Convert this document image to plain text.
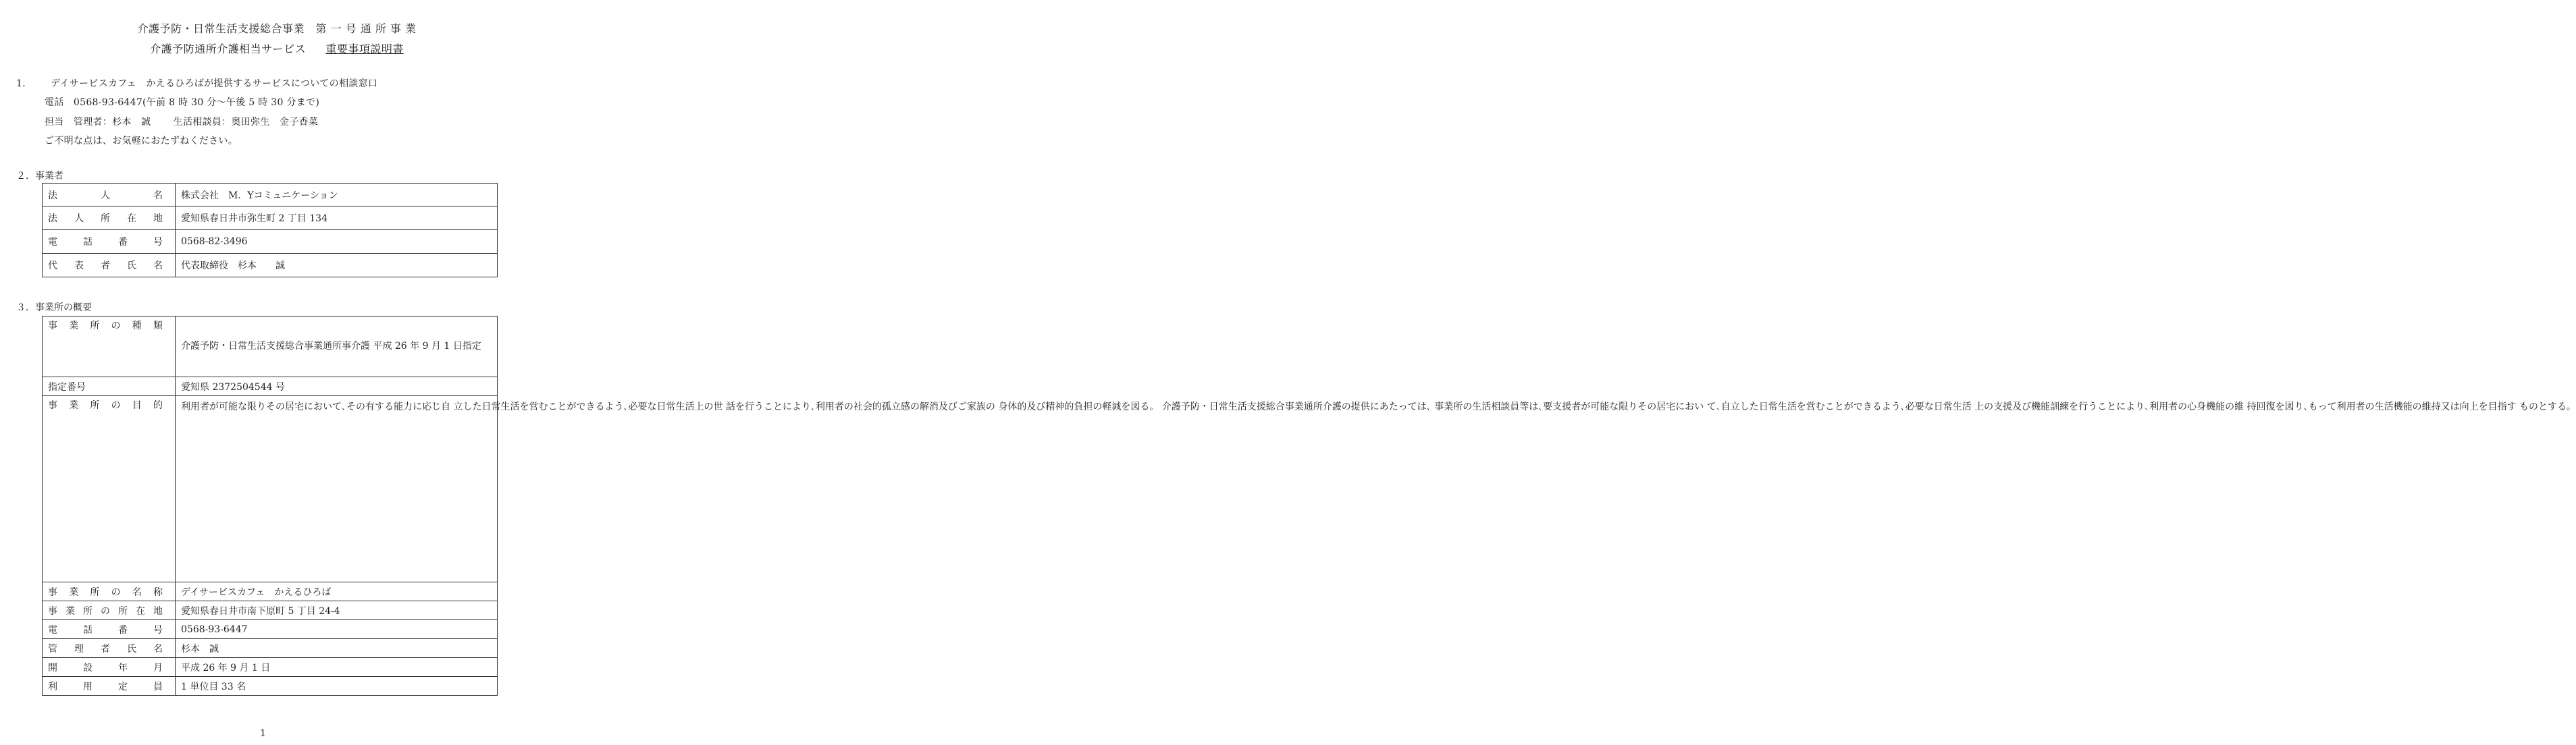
介護予防・日常生活支援総合事業　第 一 号 通 所 事 業
介護予防通所介護相当サービス 重要事項説明書
1． デイサービスカフェ　かえるひろばが提供するサービスについての相談窓口
電話　0568-93-6447(午前 8 時 30 分～午後 5 時 30 分まで)
担当　管理者：杉本　誠　　 生活相談員：奥田弥生　金子香菜
ご不明な点は、お気軽におたずねください。
２．事業者
法人名	株式会社　M．Yコミュニケーション
法人所在地	愛知県春日井市弥生町 2 丁目 134
電話番号	0568-82-3496
代表者氏名	代表取締役　杉本　　誠
３．事業所の概要
事業所の種類	介護予防・日常生活支援総合事業通所事介護 平成 26 年 9 月 1 日指定
指定番号	愛知県 2372504544 号
事業所の目的	利用者が可能な限りその居宅において､その有する能力に応じ自 立した日常生活を営むことができるよう､必要な日常生活上の世 話を行うことにより､利用者の社会的孤立感の解消及びご家族の 身体的及び精神的負担の軽減を図る。 介護予防・日常生活支援総合事業通所介護の提供にあたっては､ 事業所の生活相談員等は､要支援者が可能な限りその居宅におい て､自立した日常生活を営むことができるよう､必要な日常生活 上の支援及び機能訓練を行うことにより､利用者の心身機能の維 持回復を図り､もって利用者の生活機能の維持又は向上を目指す ものとする。
事業所の名称	デイサービスカフェ　かえるひろば
事業所の所在地	愛知県春日井市南下原町 5 丁目 24-4
電話番号	0568-93-6447
管理者氏名	杉本　誠
開設年月	平成 26 年 9 月 1 日
利用定員	1 単位目 33 名
1
